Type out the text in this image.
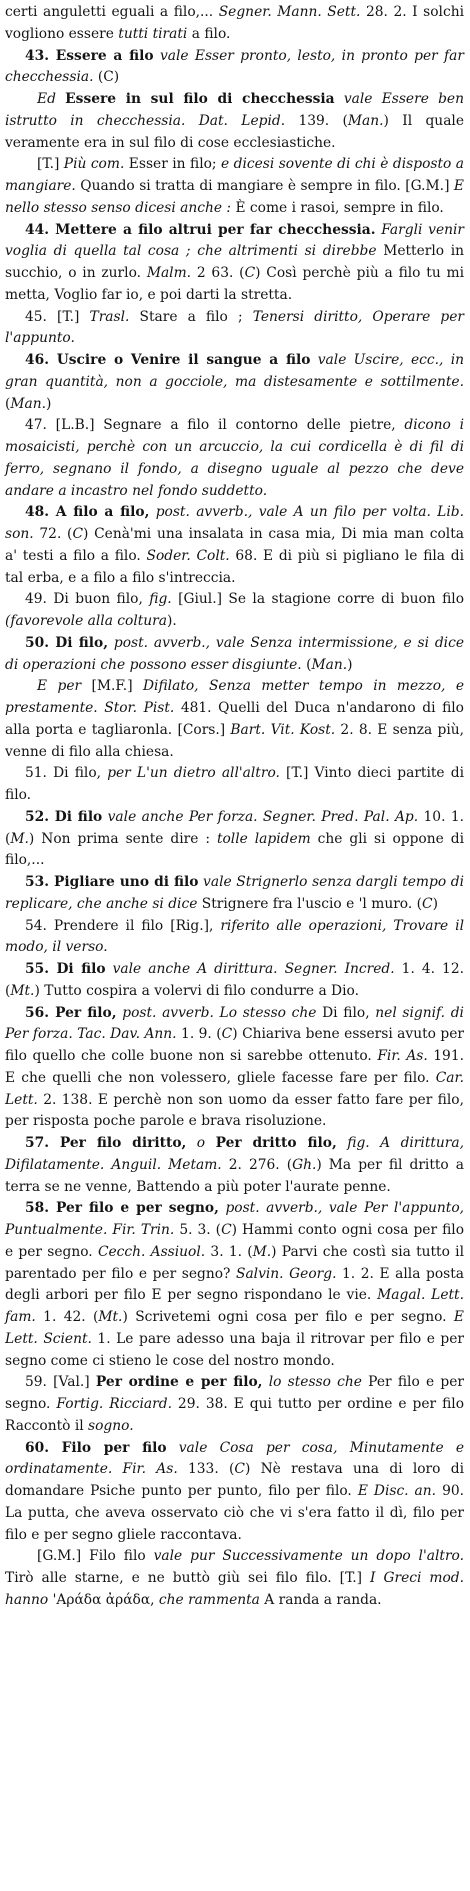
certi anguletti eguali a filo,... Segner. Mann. Sett. 28. 2. I solchi vogliono essere tutti tirati a filo.

43. Essere a filo vale Esser pronto, lesto, in pronto per far checchessia. (C)

Ed Essere in sul filo di checchessia vale Essere ben istrutto in checchessia. Dat. Lepid. 139. (Man.) Il quale veramente era in sul filo di cose ecclesiastiche.

[T.] Più com. Esser in filo; e dicesi sovente di chi è disposto a mangiare. Quando si tratta di mangiare è sempre in filo. [G.M.] E nello stesso senso dicesi anche : È come i rasoi, sempre in filo.

44. Mettere a filo altrui per far checchessia. Fargli venir voglia di quella tal cosa ; che altrimenti si direbbe Metterlo in succhio, o in zurlo. Malm. 2 63. (C) Così perchè più a filo tu mi metta, Voglio far io, e poi darti la stretta.

45. [T.] Trasl. Stare a filo ; Tenersi diritto, Operare per l'appunto.

46. Uscire o Venire il sangue a filo vale Uscire, ecc., in gran quantità, non a gocciole, ma distesamente e sottilmente. (Man.)

47. [L.B.] Segnare a filo il contorno delle pietre, dicono i mosaicisti, perchè con un arcuccio, la cui cordicella è di fil di ferro, segnano il fondo, a disegno uguale al pezzo che deve andare a incastro nel fondo suddetto.

48. A filo a filo, post. avverb., vale A un filo per volta. Lib. son. 72. (C) Cenà'mi una insalata in casa mia, Di mia man colta a' testi a filo a filo. Soder. Colt. 68. E di più si pigliano le fila di tal erba, e a filo a filo s'intreccia.

49. Di buon filo, fig. [Giul.] Se la stagione corre di buon filo (favorevole alla coltura).

50. Di filo, post. avverb., vale Senza intermissione, e si dice di operazioni che possono esser disgiunte. (Man.)

E per [M.F.] Difilato, Senza metter tempo in mezzo, e prestamente. Stor. Pist. 481. Quelli del Duca n'andarono di filo alla porta e tagliaronla. [Cors.] Bart. Vit. Kost. 2. 8. E senza più, venne di filo alla chiesa.

51. Di filo, per L'un dietro all'altro. [T.] Vinto dieci partite di filo.

52. Di filo vale anche Per forza. Segner. Pred. Pal. Ap. 10. 1. (M.) Non prima sente dire : tolle lapidem che gli si oppone di filo,...

53. Pigliare uno di filo vale Strignerlo senza dargli tempo di replicare, che anche si dice Strignere fra l'uscio e 'l muro. (C)

54. Prendere il filo [Rig.], riferito alle operazioni, Trovare il modo, il verso.

55. Di filo vale anche A dirittura. Segner. Incred. 1. 4. 12. (Mt.) Tutto cospira a volervi di filo condurre a Dio.

56. Per filo, post. avverb. Lo stesso che Di filo, nel signif. di Per forza. Tac. Dav. Ann. 1. 9. (C) Chiariva bene essersi avuto per filo quello che colle buone non si sarebbe ottenuto. Fir. As. 191. E che quelli che non volessero, gliele facesse fare per filo. Car. Lett. 2. 138. E perchè non son uomo da esser fatto fare per filo, per risposta poche parole e brava risoluzione.

57. Per filo diritto, o Per dritto filo, fig. A dirittura, Difilatamente. Anguil. Metam. 2. 276. (Gh.) Ma per fil dritto a terra se ne venne, Battendo a più poter l'aurate penne.

58. Per filo e per segno, post. avverb., vale Per l'appunto, Puntualmente. Fir. Trin. 5. 3. (C) Hammi conto ogni cosa per filo e per segno. Cecch. Assiuol. 3. 1. (M.) Parvi che costì sia tutto il parentado per filo e per segno? Salvin. Georg. 1. 2. E alla posta degli arbori per filo E per segno rispondano le vie. Magal. Lett. fam. 1. 42. (Mt.) Scrivetemi ogni cosa per filo e per segno. E Lett. Scient. 1. Le pare adesso una baja il ritrovar per filo e per segno come ci stieno le cose del nostro mondo.

59. [Val.] Per ordine e per filo, lo stesso che Per filo e per segno. Fortig. Ricciard. 29. 38. E qui tutto per ordine e per filo Raccontò il sogno.

60. Filo per filo vale Cosa per cosa, Minutamente e ordinatamente. Fir. As. 133. (C) Nè restava una di loro di domandare Psiche punto per punto, filo per filo. E Disc. an. 90. La putta, che aveva osservato ciò che vi s'era fatto il dì, filo per filo e per segno gliele raccontava.

[G.M.] Filo filo vale pur Successivamente un dopo l'altro. Tirò alle starne, e ne buttò giù sei filo filo. [T.] I Greci mod. hanno 'Αράδα ἀράδα, che rammenta A randa a randa.
